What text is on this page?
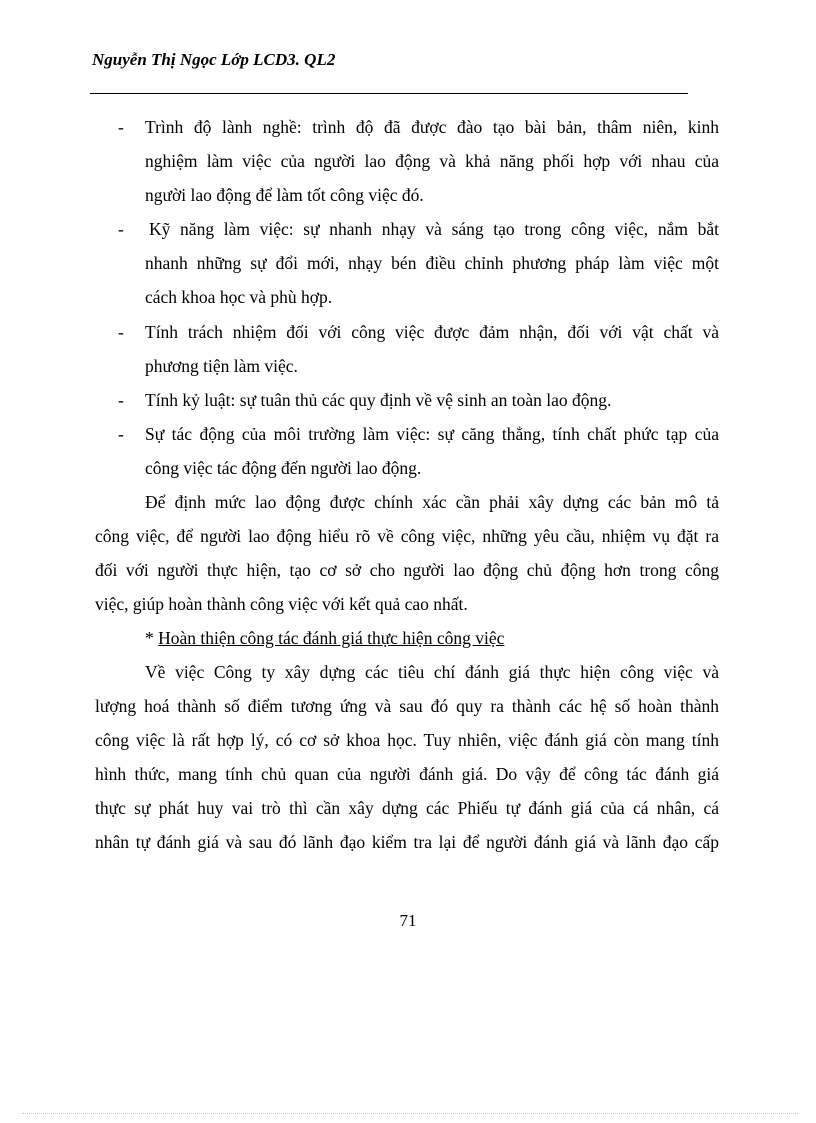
Nguyễn Thị Ngọc Lớp LCD3. QL2
- Trình độ lành nghề: trình độ đã được đào tạo bài bản, thâm niên, kinh
nghiệm làm việc của người lao động và khả năng phối hợp với nhau của
người lao động để làm tốt công việc đó.
- Kỹ năng làm việc: sự nhanh nhạy và sáng tạo trong công việc, nắm bắt
nhanh những sự đổi mới, nhạy bén điều chỉnh phương pháp làm việc một
cách khoa học và phù hợp.
- Tính trách nhiệm đối với công việc được đảm nhận, đối với vật chất và
phương tiện làm việc.
- Tính kỷ luật: sự tuân thủ các quy định về vệ sinh an toàn lao động.
- Sự tác động của môi trường làm việc: sự căng thẳng, tính chất phức tạp của
công việc tác động đến người lao động.
Để định mức lao động được chính xác cần phải xây dựng các bản mô tả
công việc, để người lao động hiểu rõ về công việc, những yêu cầu, nhiệm vụ đặt ra
đối với người thực hiện, tạo cơ sở cho người lao động chủ động hơn trong công
việc, giúp hoàn thành công việc với kết quả cao nhất.
* Hoàn thiện công tác đánh giá thực hiện công việc
Về việc Công ty xây dựng các tiêu chí đánh giá thực hiện công việc và
lượng hoá thành số điểm tương ứng và sau đó quy ra thành các hệ số hoàn thành
công việc là rất hợp lý, có cơ sở khoa học. Tuy nhiên, việc đánh giá còn mang tính
hình thức, mang tính chủ quan của người đánh giá. Do vậy để công tác đánh giá
thực sự phát huy vai trò thì cần xây dựng các Phiếu tự đánh giá của cá nhân, cá
nhân tự đánh giá và sau đó lãnh đạo kiểm tra lại để người đánh giá và lãnh đạo cấp
71
